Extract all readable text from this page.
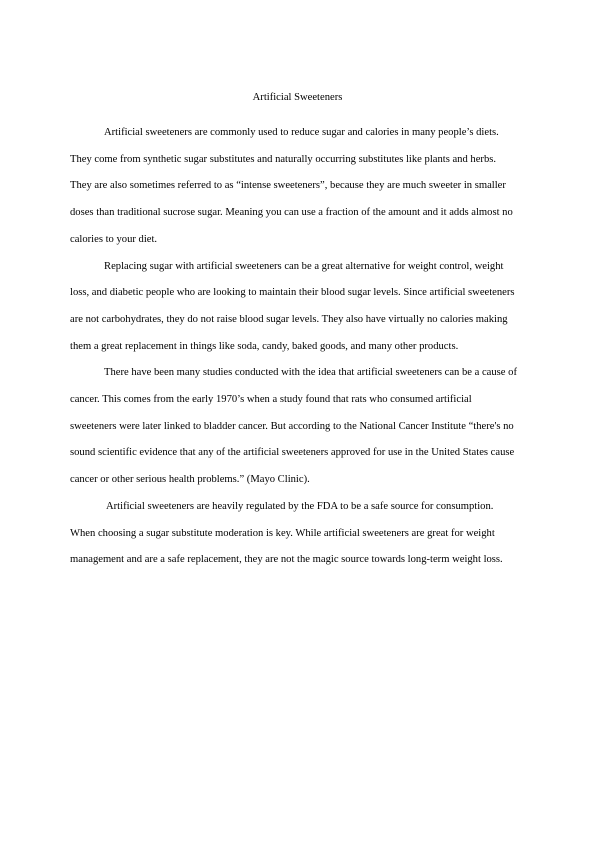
Artificial Sweeteners

Artificial sweeteners are commonly used to reduce sugar and calories in many people’s diets. They come from synthetic sugar substitutes and naturally occurring substitutes like plants and herbs. They are also sometimes referred to as “intense sweeteners”, because they are much sweeter in smaller doses than traditional sucrose sugar. Meaning you can use a fraction of the amount and it adds almost no calories to your diet.

Replacing sugar with artificial sweeteners can be a great alternative for weight control, weight loss, and diabetic people who are looking to maintain their blood sugar levels. Since artificial sweeteners are not carbohydrates, they do not raise blood sugar levels. They also have virtually no calories making them a great replacement in things like soda, candy, baked goods, and many other products.

There have been many studies conducted with the idea that artificial sweeteners can be a cause of cancer. This comes from the early 1970’s when a study found that rats who consumed artificial sweeteners were later linked to bladder cancer. But according to the National Cancer Institute “there's no sound scientific evidence that any of the artificial sweeteners approved for use in the United States cause cancer or other serious health problems.” (Mayo Clinic).

Artificial sweeteners are heavily regulated by the FDA to be a safe source for consumption. When choosing a sugar substitute moderation is key. While artificial sweeteners are great for weight management and are a safe replacement, they are not the magic source towards long-term weight loss.
